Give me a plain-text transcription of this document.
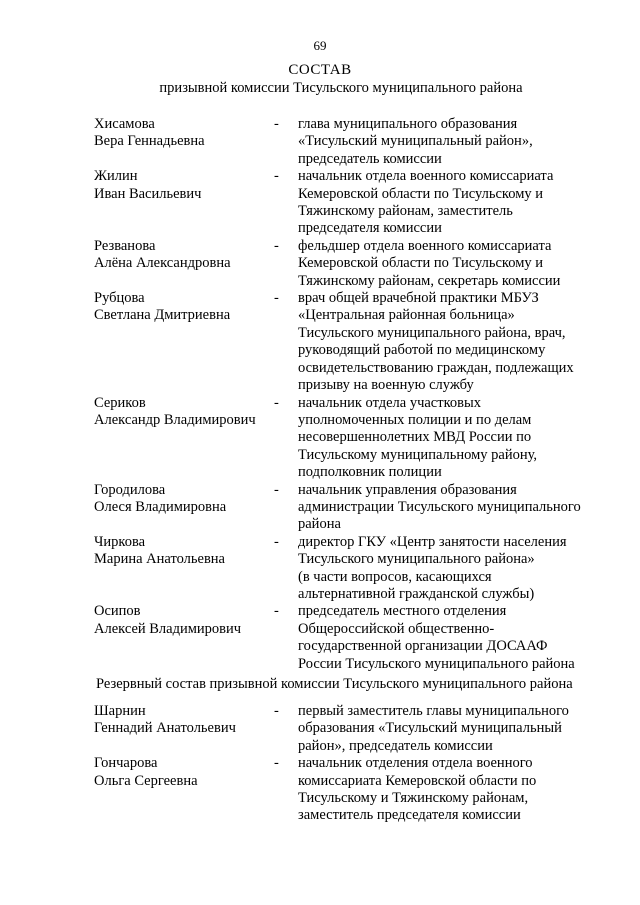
69
СОСТАВ
призывной комиссии Тисульского муниципального района
Хисамова
Вера Геннадьевна
-	глава муниципального образования
«Тисульский муниципальный район»,
председатель комиссии
Жилин
Иван Васильевич
-	начальник отдела военного комиссариата
Кемеровской области по Тисульскому и
Тяжинскому районам, заместитель
председателя комиссии
Резванова
Алёна Александровна
-	фельдшер отдела военного комиссариата
Кемеровской области по Тисульскому и
Тяжинскому районам, секретарь комиссии
Рубцова
Светлана Дмитриевна
-	врач общей врачебной практики МБУЗ
«Центральная районная больница»
Тисульского муниципального района, врач,
руководящий работой по медицинскому
освидетельствованию граждан, подлежащих
призыву на военную службу
Сериков
Александр Владимирович
-	начальник отдела участковых
уполномоченных полиции и по делам
несовершеннолетних МВД России по
Тисульскому муниципальному району,
подполковник полиции
Городилова
Олеся Владимировна
-	начальник управления образования
администрации Тисульского муниципального
района
Чиркова
Марина Анатольевна
-	директор ГКУ «Центр занятости населения
Тисульского муниципального района»
(в части вопросов, касающихся
альтернативной гражданской службы)
Осипов
Алексей Владимирович
-	председатель местного отделения
Общероссийской общественно-
государственной организации ДОСААФ
России Тисульского муниципального района
Резервный состав призывной комиссии Тисульского муниципального района
Шарнин
Геннадий Анатольевич
-	первый заместитель главы муниципального
образования «Тисульский муниципальный
район», председатель комиссии
Гончарова
Ольга Сергеевна
-	начальник отделения отдела военного
комиссариата Кемеровской области по
Тисульскому и Тяжинскому районам,
заместитель председателя комиссии
